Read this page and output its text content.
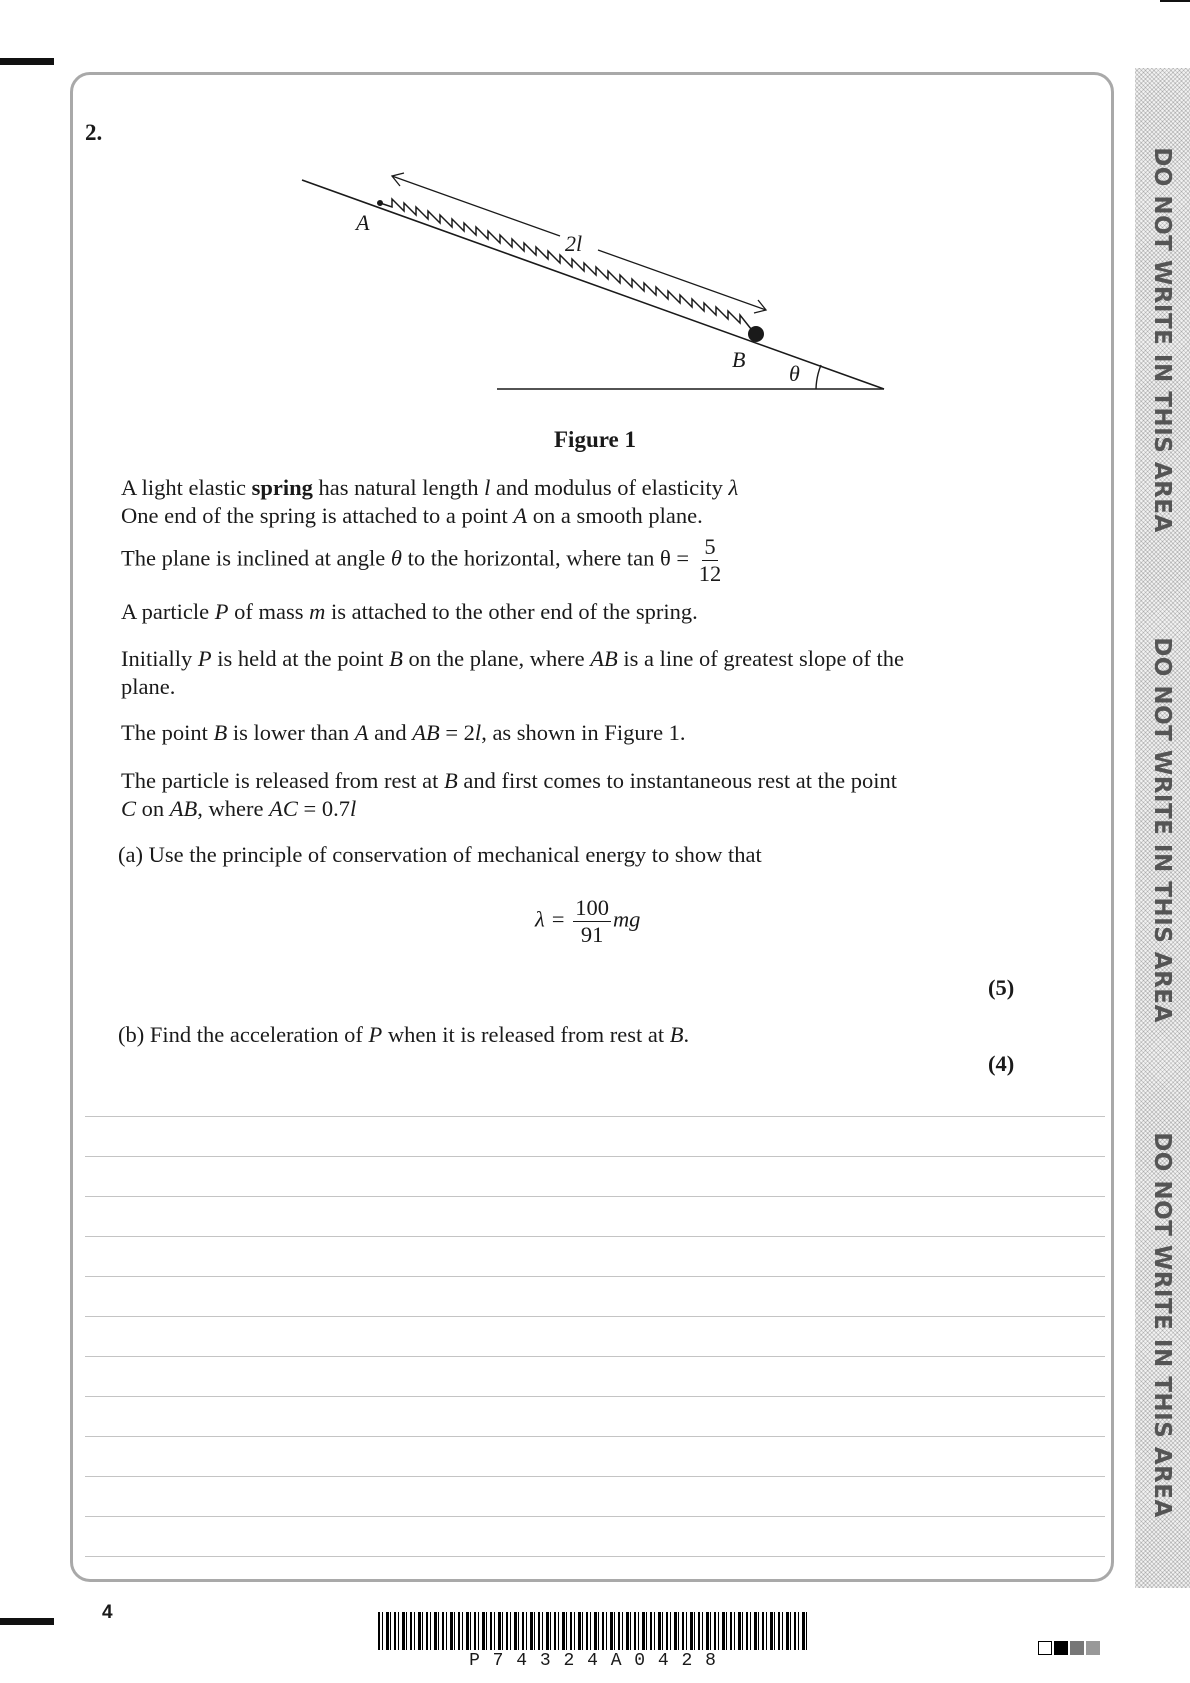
DO NOT WRITE IN THIS AREA
DO NOT WRITE IN THIS AREA
DO NOT WRITE IN THIS AREA
2.
A
2l
B
θ
Figure 1
A light elastic spring has natural length l and modulus of elasticity λ
One end of the spring is attached to a point A on a smooth plane.
The plane is inclined at angle θ to the horizontal, where $\tan \theta = \frac{5}{12}$
A particle P of mass m is attached to the other end of the spring.
Initially P is held at the point B on the plane, where AB is a line of greatest slope of the plane.
The point B is lower than A and AB = 2l, as shown in Figure 1.
The particle is released from rest at B and first comes to instantaneous rest at the point
C on AB, where AC = 0.7l
(a) Use the principle of conservation of mechanical energy to show that
$\lambda = \frac{100}{91}$ mg
(5)
(b) Find the acceleration of P when it is released from rest at B.
(4)
4
P 7 4 3 2 4 A 0 4 2 8
